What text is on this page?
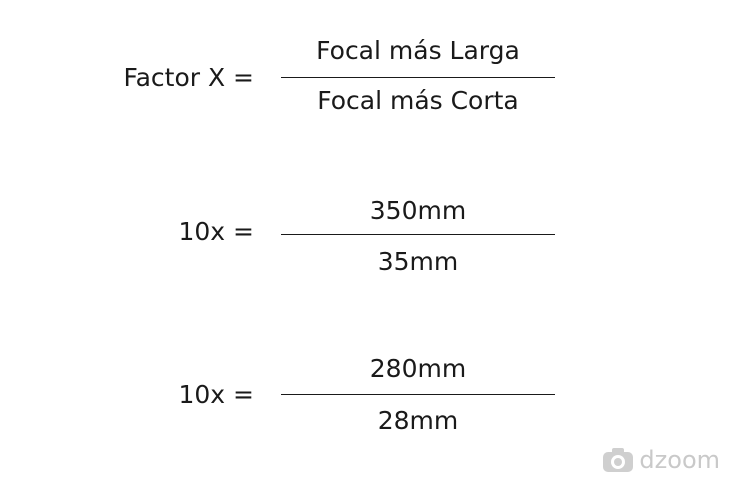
Factor X =
Focal más Larga
Focal más Corta
10x =
350mm
35mm
10x =
280mm
28mm
dzoom
